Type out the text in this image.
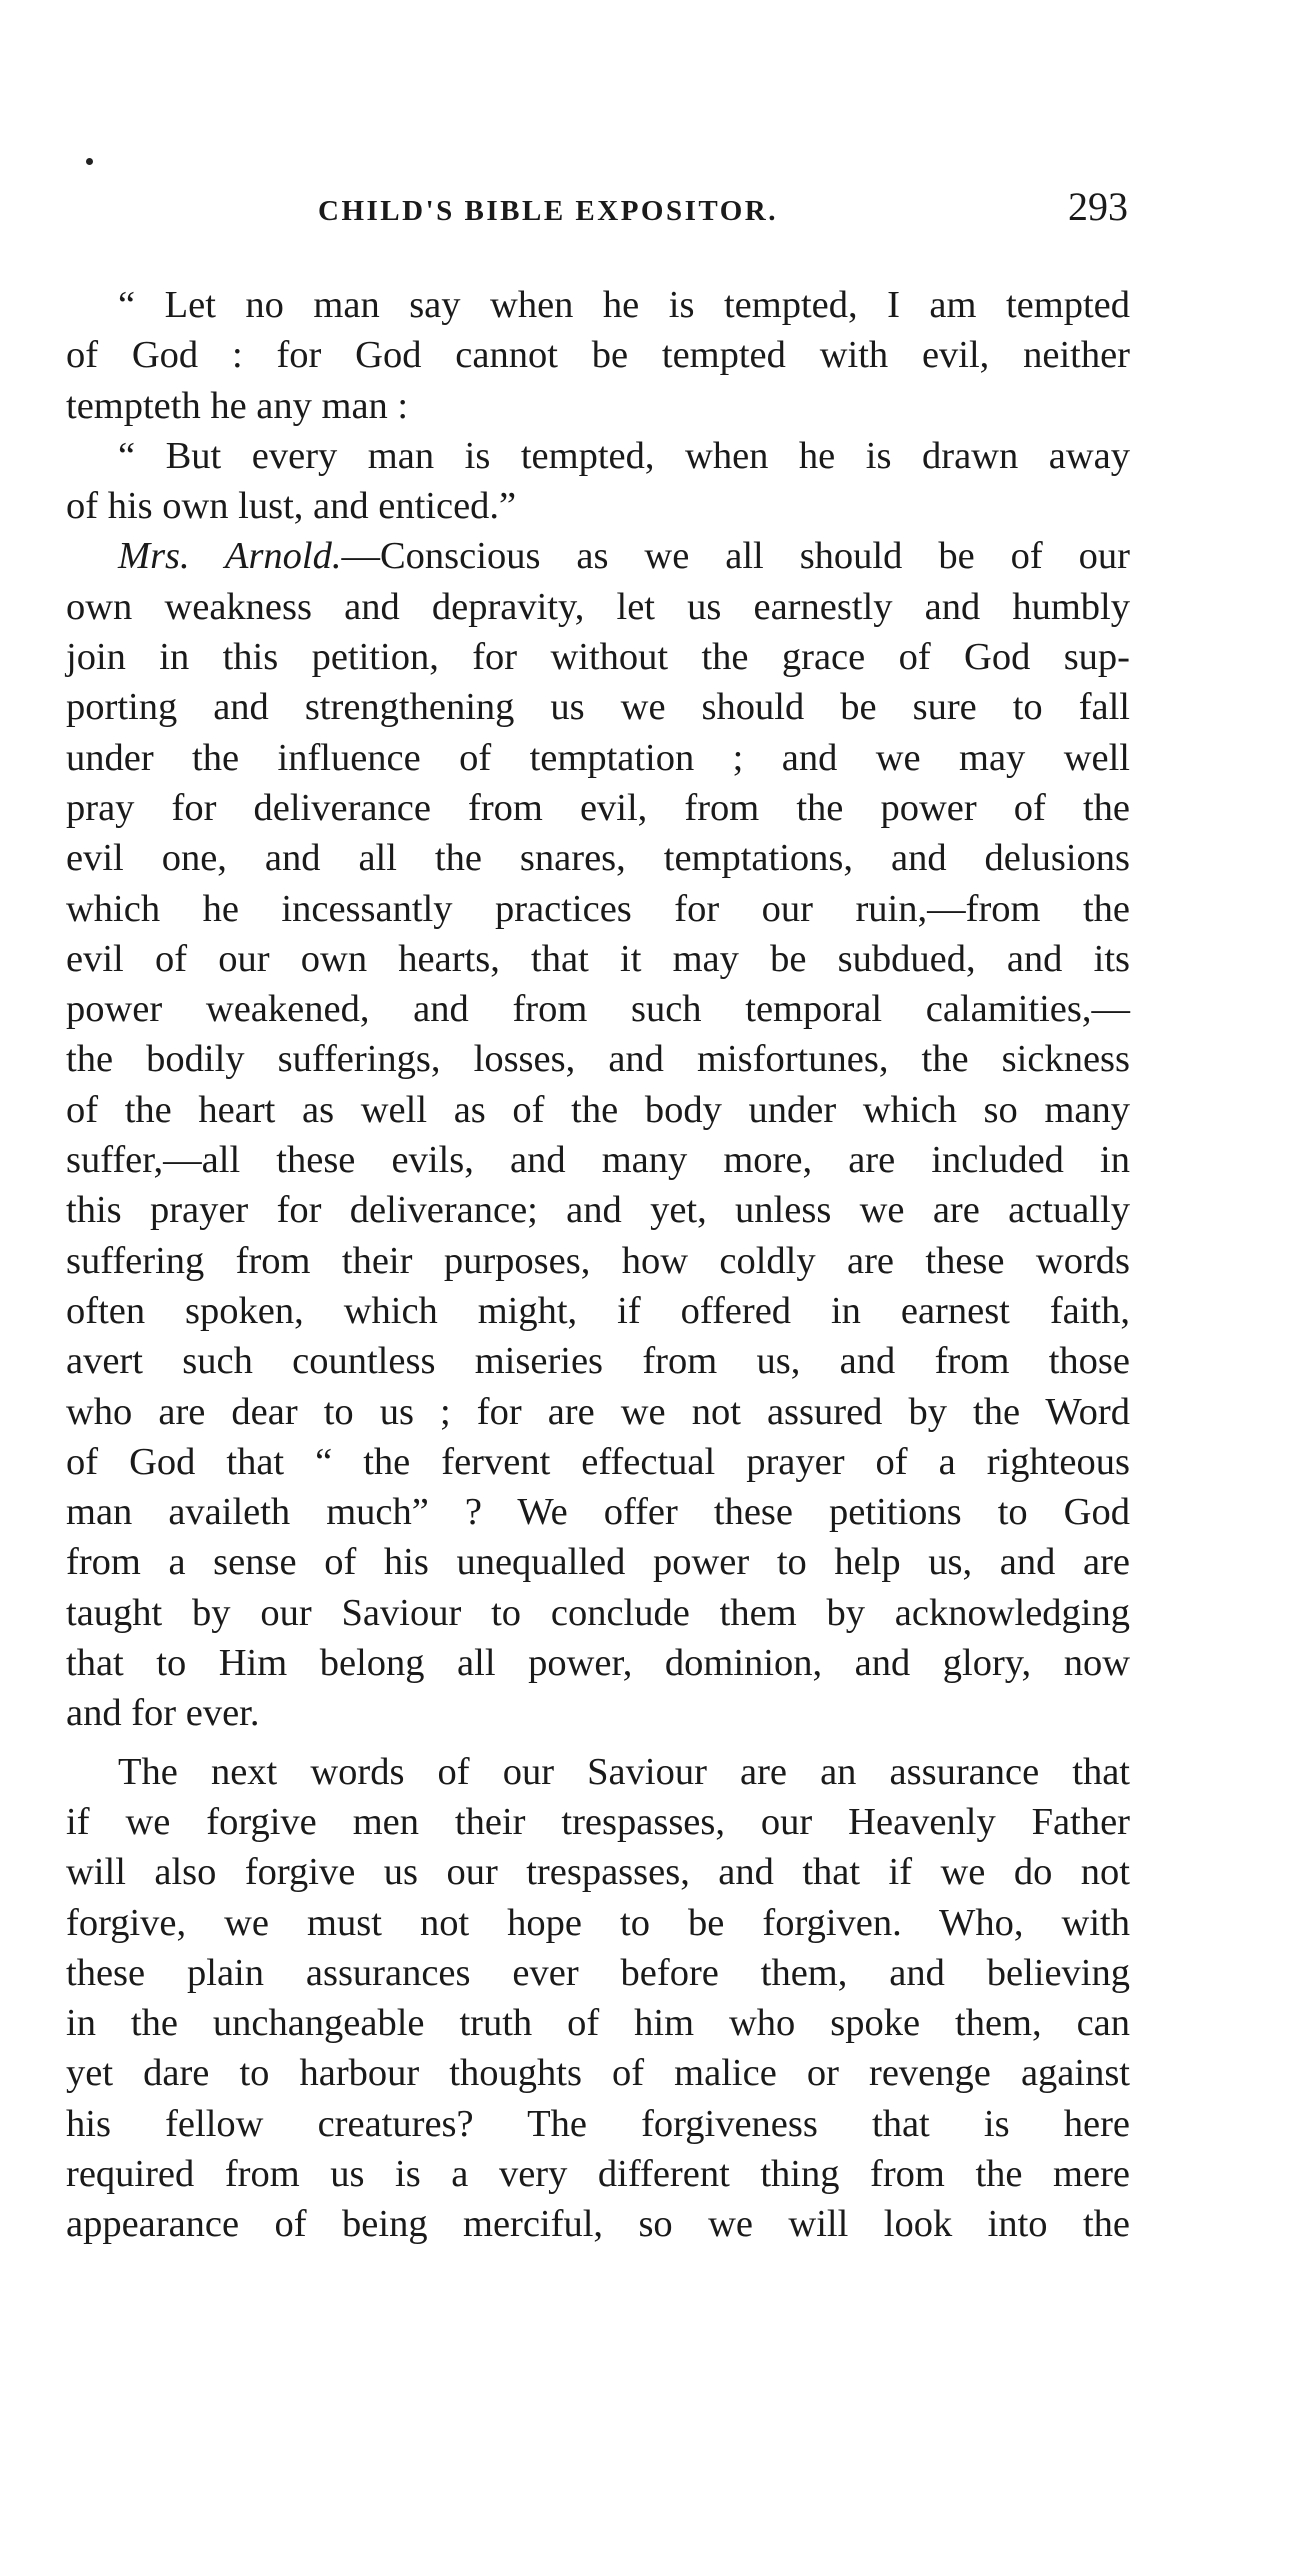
CHILD'S BIBLE EXPOSITOR.	293
“ Let no man say when he is tempted, I am tempted
of God : for God cannot be tempted with evil, neither
tempteth he any man :
“ But every man is tempted, when he is drawn away
of his own lust, and enticed.”
Mrs. Arnold.—Conscious as we all should be of our
own weakness and depravity, let us earnestly and humbly
join in this petition, for without the grace of God sup-
porting and strengthening us we should be sure to fall
under the influence of temptation ; and we may well
pray for deliverance from evil, from the power of the
evil one, and all the snares, temptations, and delusions
which he incessantly practices for our ruin,—from the
evil of our own hearts, that it may be subdued, and its
power weakened, and from such temporal calamities,—
the bodily sufferings, losses, and misfortunes, the sickness
of the heart as well as of the body under which so many
suffer,—all these evils, and many more, are included in
this prayer for deliverance; and yet, unless we are actually
suffering from their purposes, how coldly are these words
often spoken, which might, if offered in earnest faith,
avert such countless miseries from us, and from those
who are dear to us ; for are we not assured by the Word
of God that “ the fervent effectual prayer of a righteous
man availeth much” ? We offer these petitions to God
from a sense of his unequalled power to help us, and are
taught by our Saviour to conclude them by acknowledging
that to Him belong all power, dominion, and glory, now
and for ever.
The next words of our Saviour are an assurance that
if we forgive men their trespasses, our Heavenly Father
will also forgive us our trespasses, and that if we do not
forgive, we must not hope to be forgiven. Who, with
these plain assurances ever before them, and believing
in the unchangeable truth of him who spoke them, can
yet dare to harbour thoughts of malice or revenge against
his fellow creatures? The forgiveness that is here
required from us is a very different thing from the mere
appearance of being merciful, so we will look into the
